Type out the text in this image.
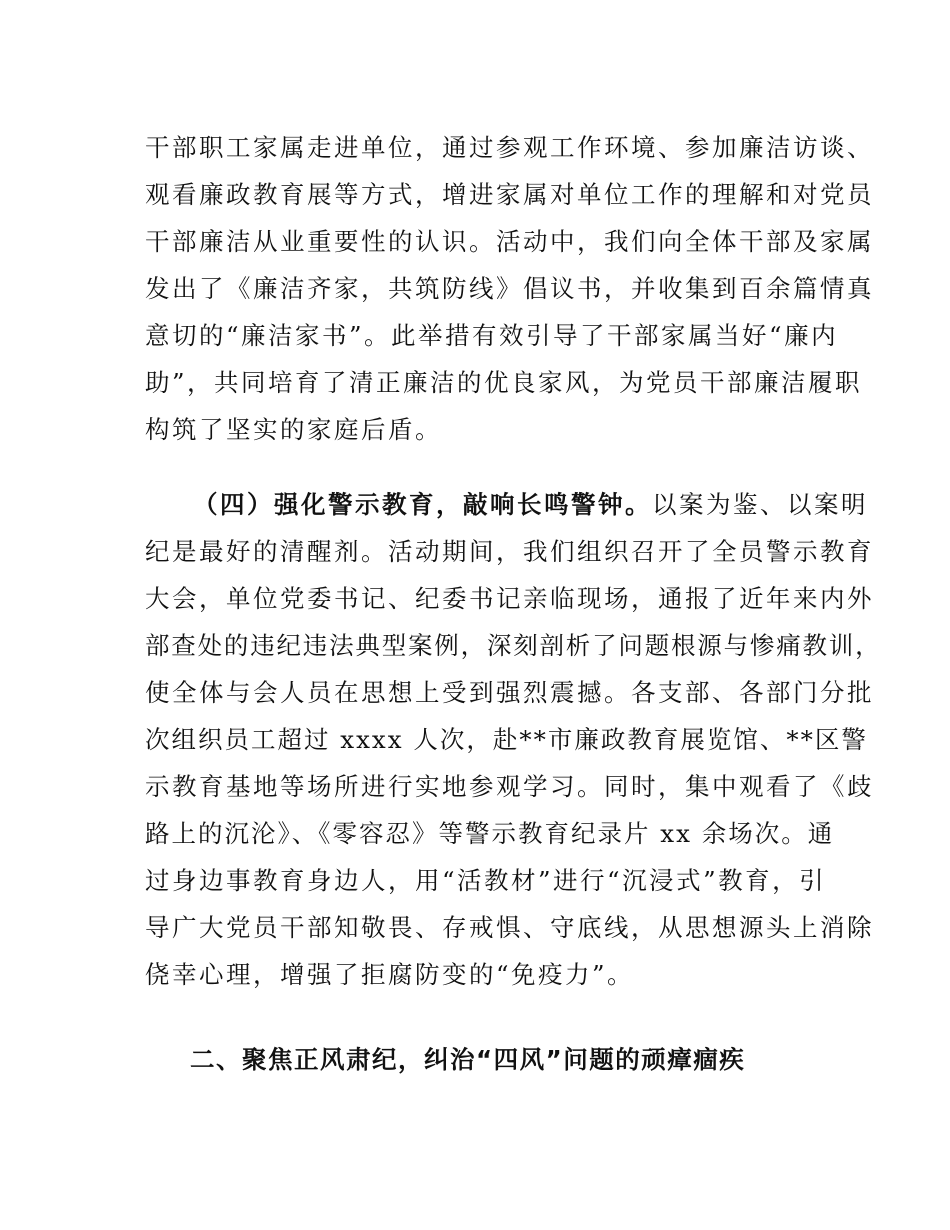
干部职工家属走进单位，通过参观工作环境、参加廉洁访谈、
观看廉政教育展等方式，增进家属对单位工作的理解和对党员
干部廉洁从业重要性的认识。活动中，我们向全体干部及家属
发出了《廉洁齐家，共筑防线》倡议书，并收集到百余篇情真
意切的“廉洁家书”。此举措有效引导了干部家属当好“廉内
助”，共同培育了清正廉洁的优良家风，为党员干部廉洁履职
构筑了坚实的家庭后盾。
（四）强化警示教育，敲响长鸣警钟。以案为鉴、以案明
纪是最好的清醒剂。活动期间，我们组织召开了全员警示教育
大会，单位党委书记、纪委书记亲临现场，通报了近年来内外
部查处的违纪违法典型案例，深刻剖析了问题根源与惨痛教训，
使全体与会人员在思想上受到强烈震撼。各支部、各部门分批
次组织员工超过 xxxx 人次，赴**市廉政教育展览馆、**区警
示教育基地等场所进行实地参观学习。同时，集中观看了《歧
路上的沉沦》、《零容忍》等警示教育纪录片 xx 余场次。通
过身边事教育身边人，用“活教材”进行“沉浸式”教育，引
导广大党员干部知敬畏、存戒惧、守底线，从思想源头上消除
侥幸心理，增强了拒腐防变的“免疫力”。
二、聚焦正风肃纪，纠治“四风”问题的顽瘴痼疾
